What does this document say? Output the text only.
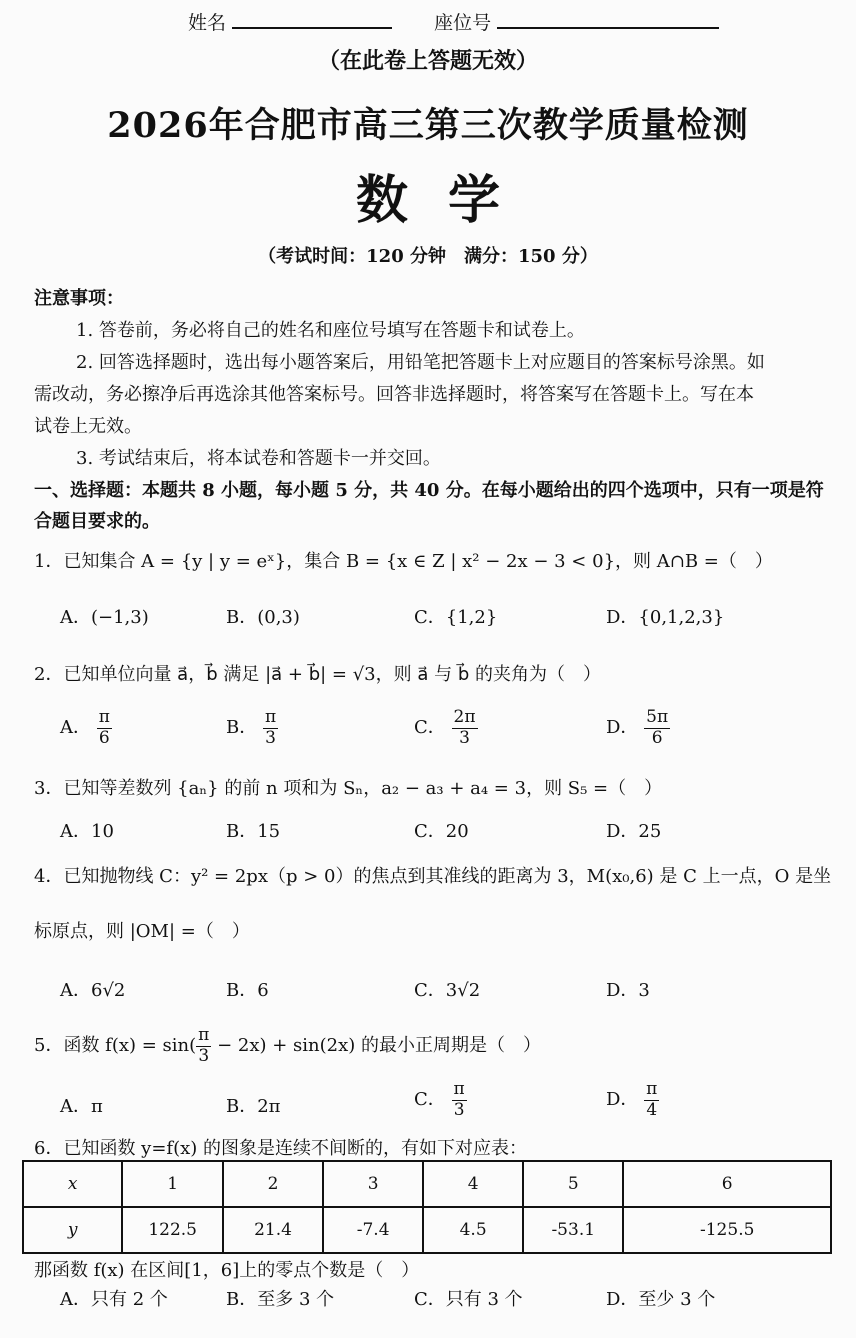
姓名	座位号
（在此卷上答题无效）
2026年合肥市高三第三次教学质量检测
数学
（考试时间：120 分钟　满分：150 分）
注意事项：
1. 答卷前，务必将自己的姓名和座位号填写在答题卡和试卷上。
2. 回答选择题时，选出每小题答案后，用铅笔把答题卡上对应题目的答案标号涂黑。如
需改动，务必擦净后再选涂其他答案标号。回答非选择题时，将答案写在答题卡上。写在本
试卷上无效。
3. 考试结束后，将本试卷和答题卡一并交回。
一、选择题：本题共 8 小题，每小题 5 分，共 40 分。在每小题给出的四个选项中，只有一项是符
合题目要求的。
1．已知集合 A = {y | y = eˣ}，集合 B = {x ∈ Z | x² − 2x − 3 < 0}，则 A∩B =（　）
A．(−1,3)	B．(0,3)	C．{1,2}	D．{0,1,2,3}
2．已知单位向量 a⃗，b⃗ 满足 |a⃗ + b⃗| = √3，则 a⃗ 与 b⃗ 的夹角为（　）
A． $\frac{\pi}{6}$	B． $\frac{\pi}{3}$	C． $\frac{2\pi}{3}$	D． $\frac{5\pi}{6}$
3．已知等差数列 {aₙ} 的前 n 项和为 Sₙ，a₂ − a₃ + a₄ = 3，则 S₅ =（　）
A．10	B．15	C．20	D．25
4．已知抛物线 C：y² = 2px（p > 0）的焦点到其准线的距离为 3，M(x₀,6) 是 C 上一点，O 是坐
标原点，则 |OM| =（　）
A．6√2	B．6	C．3√2	D．3
5．函数 $f(x) = \sin( \frac{\pi}{3} - 2x) + \sin(2x)$ 的最小正周期是（　）
A．π	B．2π	C． $\frac{\pi}{3}$	D． $\frac{\pi}{4}$
6．已知函数 y=f(x) 的图象是连续不间断的，有如下对应表：
x	1	2	3	4	5	6
y	122.5	21.4	-7.4	4.5	-53.1	-125.5
那函数 f(x) 在区间[1，6]上的零点个数是（　）
A．只有 2 个	B．至多 3 个	C．只有 3 个	D．至少 3 个
